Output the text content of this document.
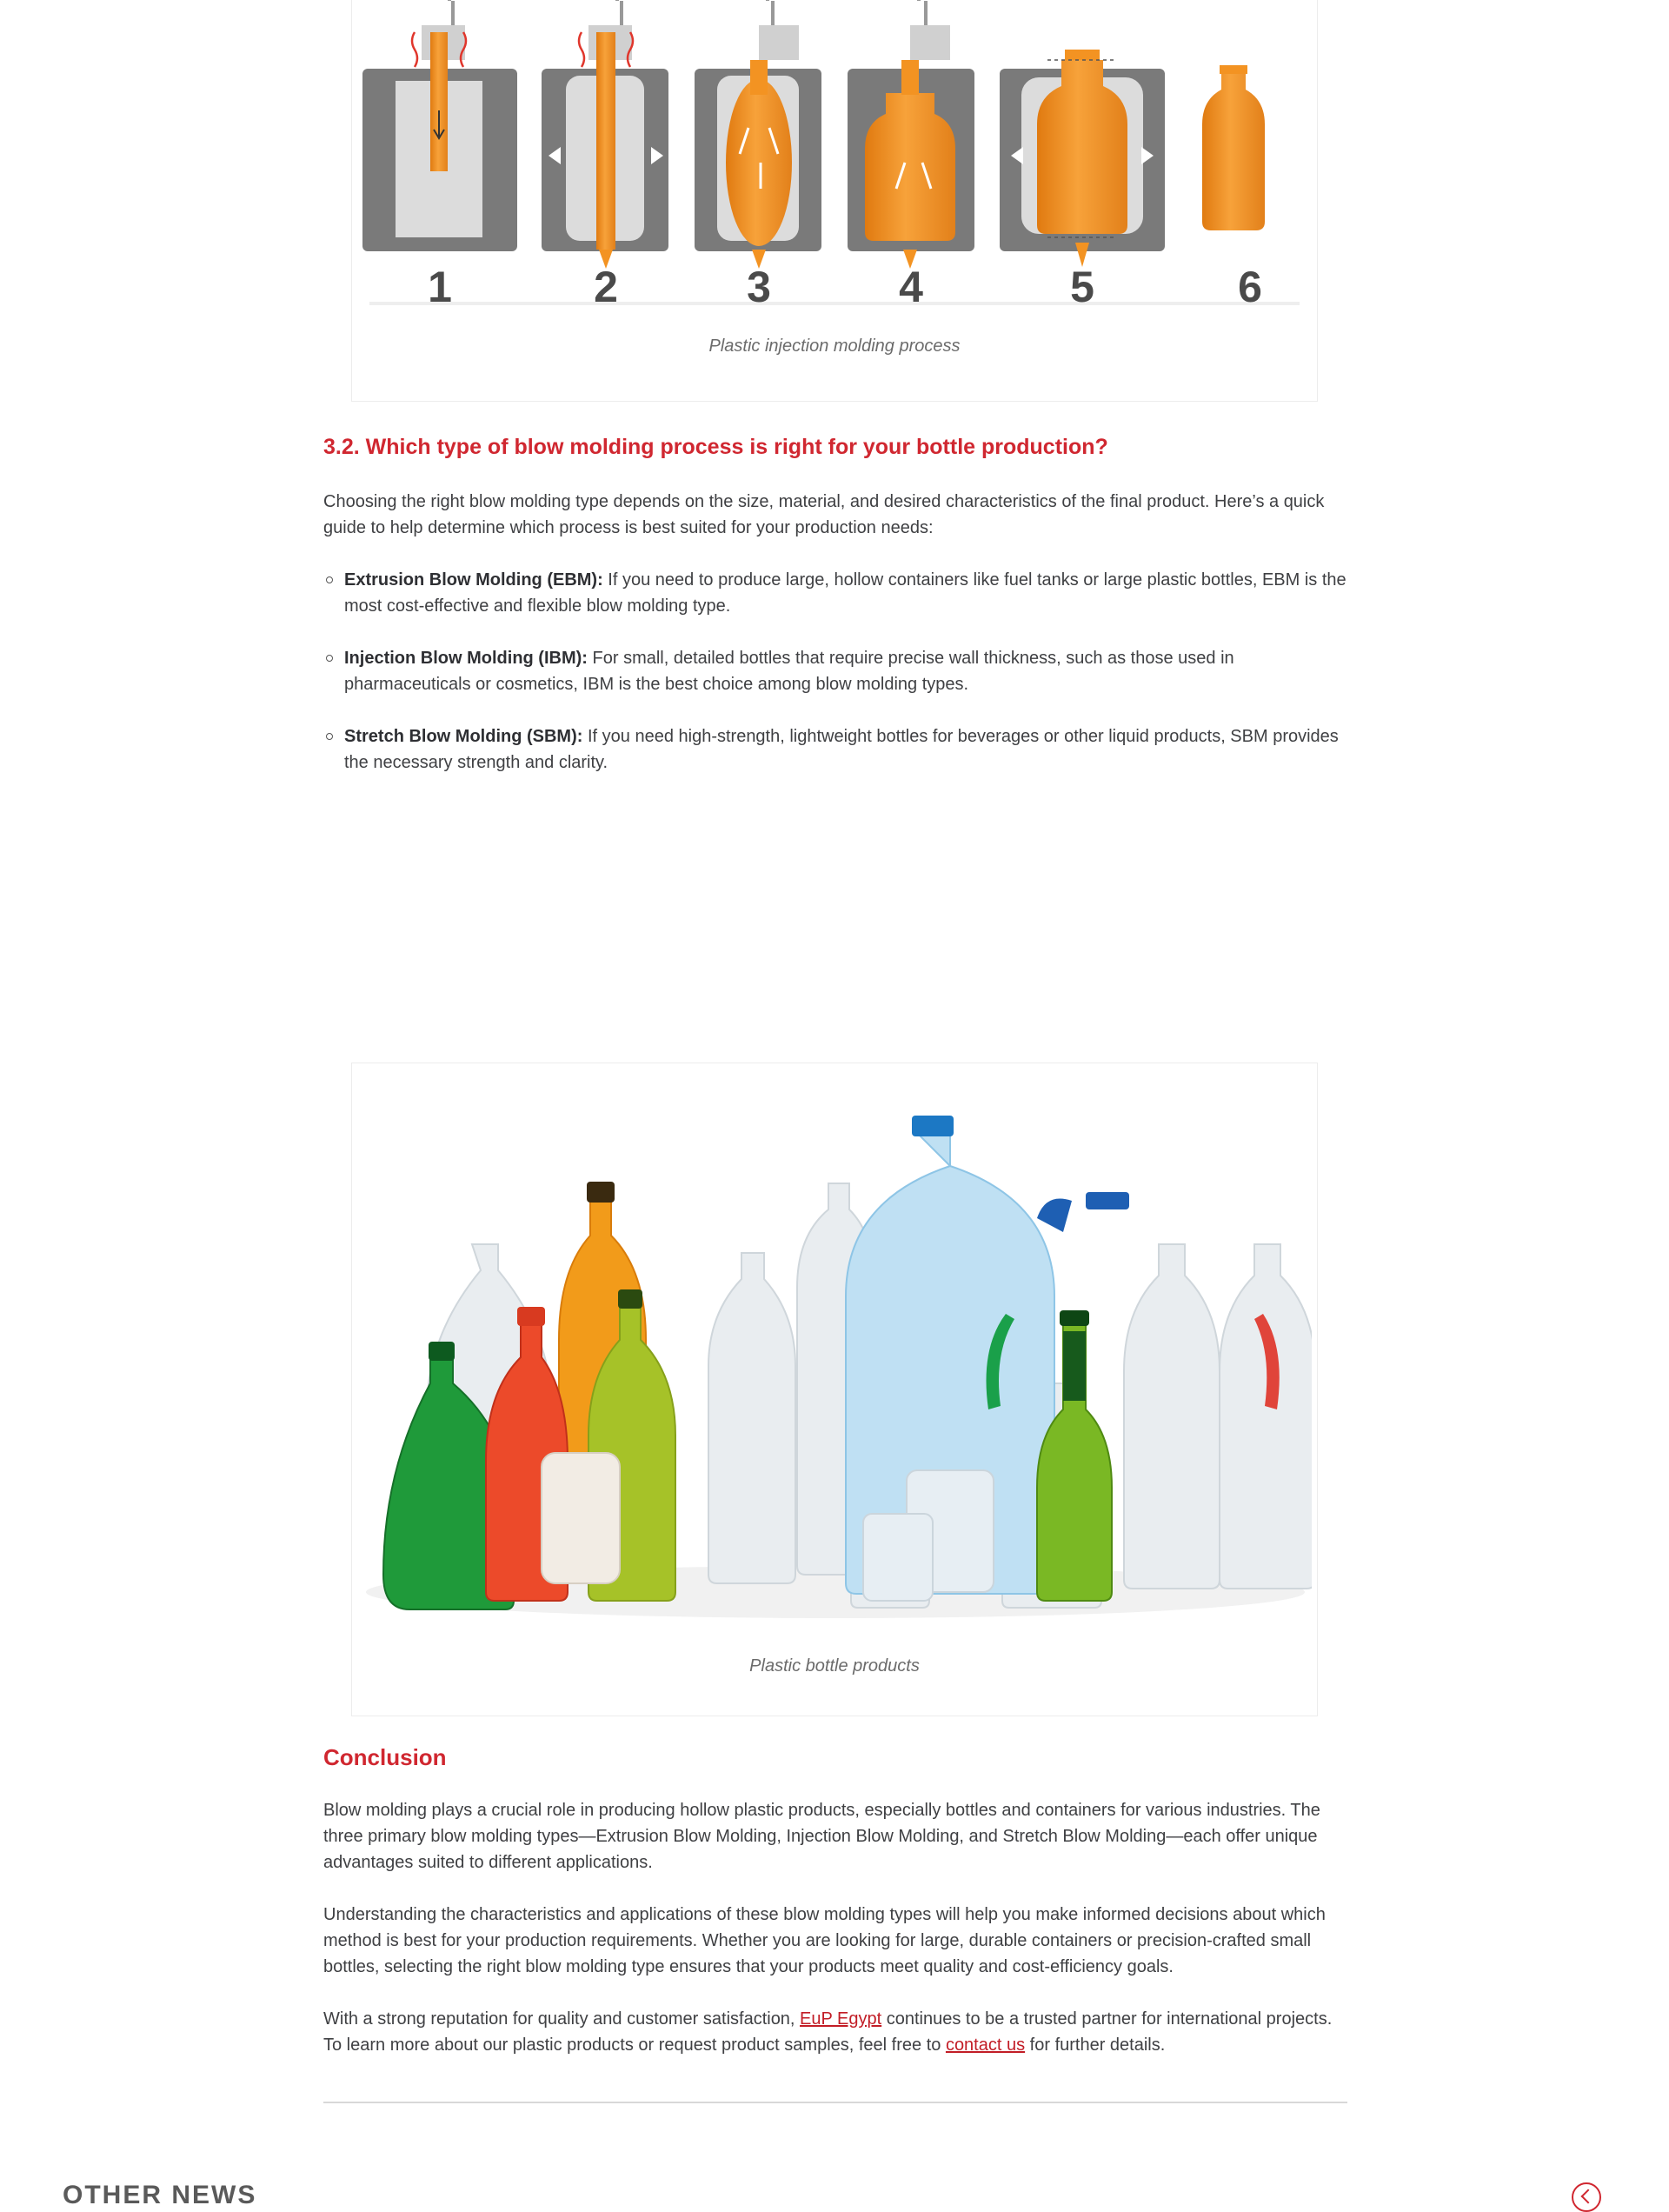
1	2	3	4	5	6
Plastic injection molding process
3.2. Which type of blow molding process is right for your bottle production?

Choosing the right blow molding type depends on the size, material, and desired characteristics of the final product. Here’s a quick guide to help determine which process is best suited for your production needs:

Extrusion Blow Molding (EBM): If you need to produce large, hollow containers like fuel tanks or large plastic bottles, EBM is the most cost-effective and flexible blow molding type.
Injection Blow Molding (IBM): For small, detailed bottles that require precise wall thickness, such as those used in pharmaceuticals or cosmetics, IBM is the best choice among blow molding types.
Stretch Blow Molding (SBM): If you need high-strength, lightweight bottles for beverages or other liquid products, SBM provides the necessary strength and clarity.
Plastic bottle products
Conclusion

Blow molding plays a crucial role in producing hollow plastic products, especially bottles and containers for various industries. The three primary blow molding types—Extrusion Blow Molding, Injection Blow Molding, and Stretch Blow Molding—each offer unique advantages suited to different applications.

Understanding the characteristics and applications of these blow molding types will help you make informed decisions about which method is best for your production requirements. Whether you are looking for large, durable containers or precision-crafted small bottles, selecting the right blow molding type ensures that your products meet quality and cost-efficiency goals.

With a strong reputation for quality and customer satisfaction, EuP Egypt continues to be a trusted partner for international projects. To learn more about our plastic products or request product samples, feel free to contact us for further details.

OTHER NEWS
